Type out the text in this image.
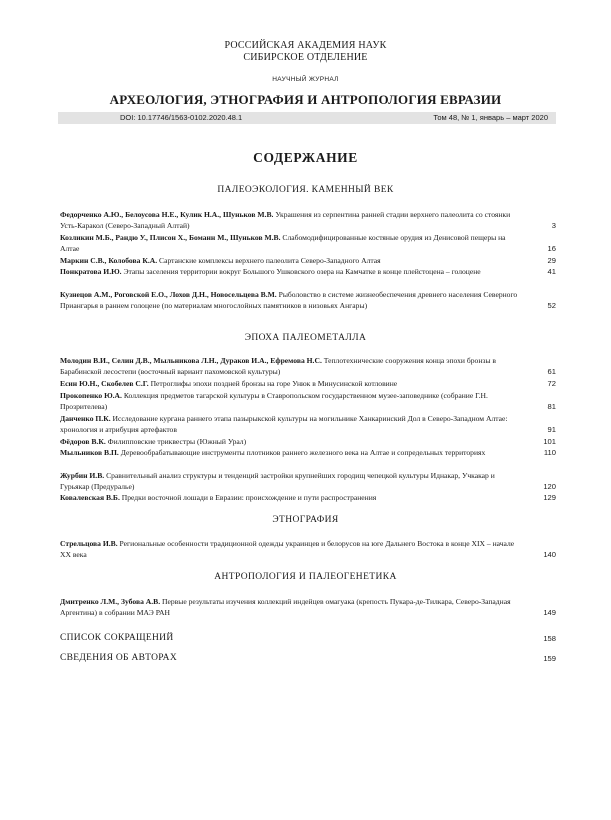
РОССИЙСКАЯ АКАДЕМИЯ НАУК
СИБИРСКОЕ ОТДЕЛЕНИЕ
НАУЧНЫЙ ЖУРНАЛ
АРХЕОЛОГИЯ, ЭТНОГРАФИЯ И АНТРОПОЛОГИЯ ЕВРАЗИИ
DOI: 10.17746/1563-0102.2020.48.1	Том 48, № 1, январь – март 2020
СОДЕРЖАНИЕ
ПАЛЕОЭКОЛОГИЯ. КАМЕННЫЙ ВЕК
Федорченко А.Ю., Белоусова Н.Е., Кулик Н.А., Шуньков М.В. Украшения из серпентина ранней стадии верхнего палеолита со стоянки Усть-Каракол (Северо-Западный Алтай)	3
Козликин М.Б., Рандю У., Плисон Х., Боманн М., Шуньков М.В. Слабомодифицированные костяные орудия из Денисовой пещеры на Алтае	16
Маркин С.В., Колобова К.А. Сартанские комплексы верхнего палеолита Северо-Западного Алтая	29
Понкратова И.Ю. Этапы заселения территории вокруг Большого Ушковского озера на Камчатке в конце плейстоцена – голоцене	41
Кузнецов А.М., Роговской Е.О., Лохов Д.Н., Новосельцева В.М. Рыболовство в системе жизнеобеспечения древнего населения Северного Приангарья в раннем голоцене (по материалам многослойных памятников в низовьях Ангары)	52
ЭПОХА ПАЛЕОМЕТАЛЛА
Молодин В.И., Селин Д.В., Мыльникова Л.Н., Дураков И.А., Ефремова Н.С. Теплотехнические сооружения конца эпохи бронзы в Барабинской лесостепи (восточный вариант пахомовской культуры)	61
Есин Ю.Н., Скобелев С.Г. Петроглифы эпохи поздней бронзы на горе Унюк в Минусинской котловине	72
Прокопенко Ю.А. Коллекция предметов тагарской культуры в Ставропольском государственном музее-заповеднике (собрание Г.Н. Прозрителева)	81
Данченко П.К. Исследование кургана раннего этапа пазырыкской культуры на могильнике Ханкаринский Дол в Северо-Западном Алтае: хронология и атрибуция артефактов	91
Фёдоров В.К. Филипповские триквестры (Южный Урал)	101
Мыльников В.П. Деревообрабатывающие инструменты плотников раннего железного века на Алтае и сопредельных территориях	110
Журбин И.В. Сравнительный анализ структуры и тенденций застройки крупнейших городищ чепецкой культуры Иднакар, Учкакар и Гурьякар (Предуралье)	120
Ковалевская В.Б. Предки восточной лошади в Евразии: происхождение и пути распространения	129
ЭТНОГРАФИЯ
Стрельцова И.В. Региональные особенности традиционной одежды украинцев и белорусов на юге Дальнего Востока в конце XIX – начале XX века	140
АНТРОПОЛОГИЯ И ПАЛЕОГЕНЕТИКА
Дмитренко Л.М., Зубова А.В. Первые результаты изучения коллекций индейцев омагуака (крепость Пукара-де-Тилкара, Северо-Западная Аргентина) в собрании МАЭ РАН	149
СПИСОК СОКРАЩЕНИЙ	158
СВЕДЕНИЯ ОБ АВТОРАХ	159
